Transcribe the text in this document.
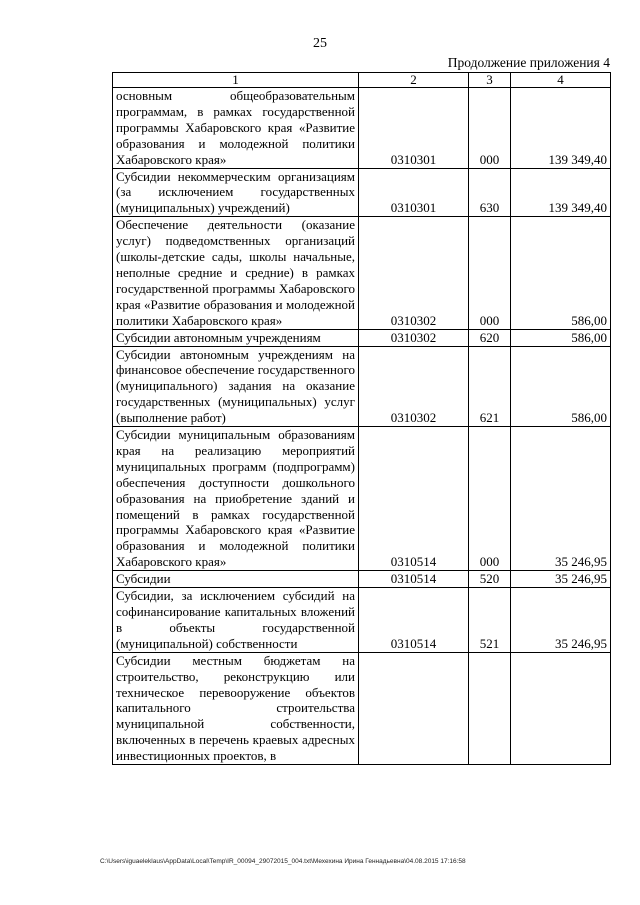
25
Продолжение приложения 4
1	2	3	4
основным общеобразовательным программам, в рамках государственной программы Хабаровского края «Развитие образования и молодежной политики Хабаровского края»	0310301	000	139 349,40
Субсидии некоммерческим организациям (за исключением государственных (муниципальных) учреждений)	0310301	630	139 349,40
Обеспечение деятельности (оказание услуг) подведомственных организаций (школы-детские сады, школы начальные, неполные средние и средние) в рамках государственной программы Хабаровского края «Развитие образования и молодежной политики Хабаровского края»	0310302	000	586,00
Субсидии автономным учреждениям	0310302	620	586,00
Субсидии автономным учреждениям на финансовое обеспечение государственного (муниципального) задания на оказание государственных (муниципальных) услуг (выполнение работ)	0310302	621	586,00
Субсидии муниципальным образованиям края на реализацию мероприятий муниципальных программ (подпрограмм) обеспечения доступности дошкольного образования на приобретение зданий и помещений в рамках государственной программы Хабаровского края «Развитие образования и молодежной политики Хабаровского края»	0310514	000	35 246,95
Субсидии	0310514	520	35 246,95
Субсидии, за исключением субсидий на софинансирование капитальных вложений в объекты государственной (муниципальной) собственности	0310514	521	35 246,95
Субсидии местным бюджетам на строительство, реконструкцию или техническое перевооружение объектов капитального строительства муниципальной собственности, включенных в перечень краевых адресных инвестиционных проектов, в			
C:\Users\iguaeleklaus\AppData\Local\Temp\IR_00094_29072015_004.txt\Мехехина Ирина Геннадьевна\04.08.2015 17:16:58
